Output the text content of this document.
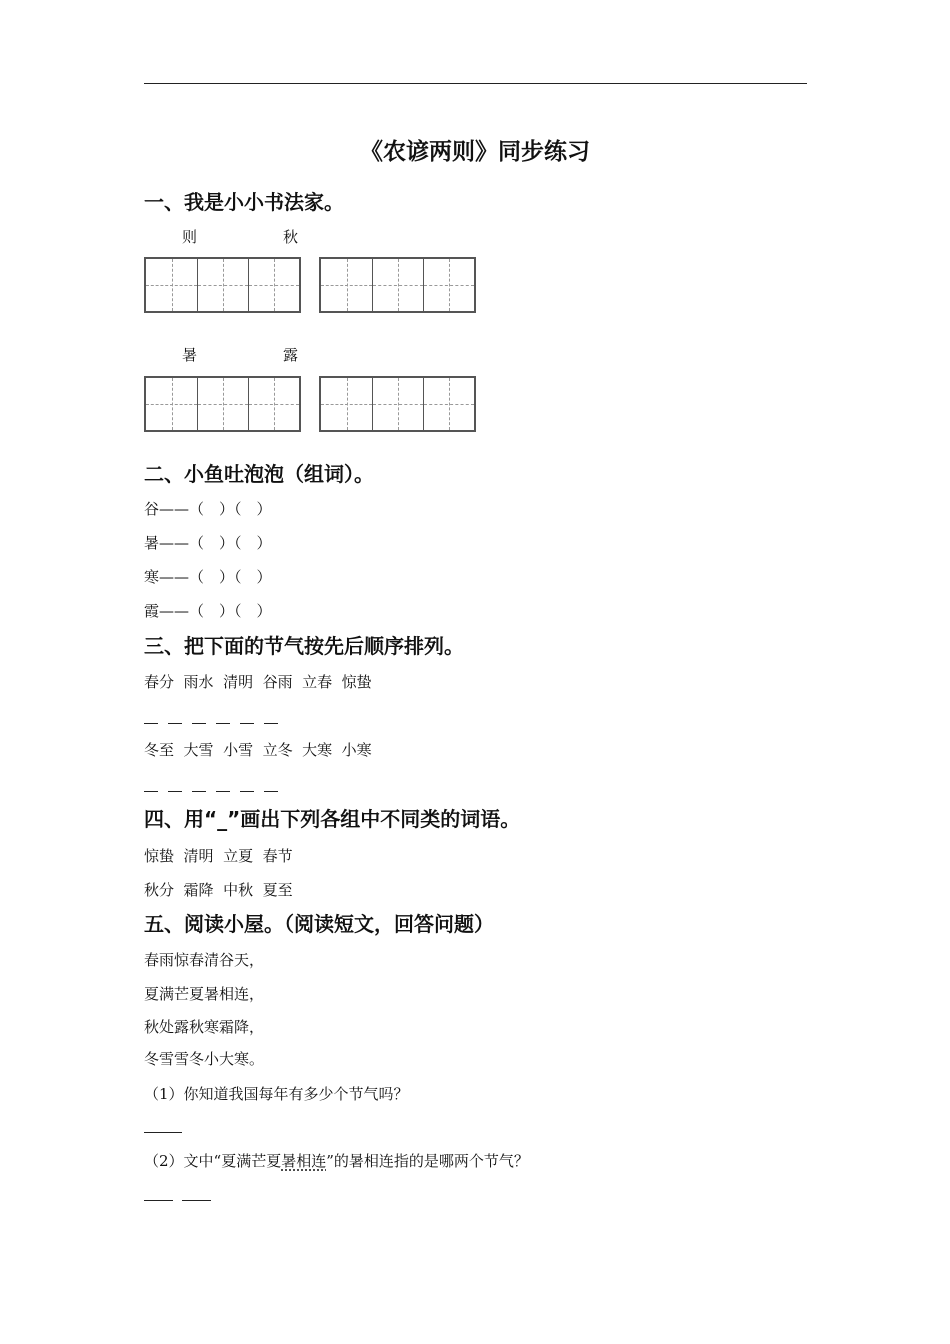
《农谚两则》同步练习
一、我是小小书法家。
则	秋
暑	露
二、小鱼吐泡泡（组词）。
谷——（　）（　）
暑——（　）（　）
寒——（　）（　）
霞——（　）（　）
三、把下面的节气按先后顺序排列。
春分  雨水  清明  谷雨  立春  惊蛰
冬至  大雪  小雪  立冬  大寒  小寒
四、用“_”画出下列各组中不同类的词语。
惊蛰  清明  立夏  春节
秋分  霜降  中秋  夏至
五、阅读小屋。（阅读短文，回答问题）
春雨惊春清谷天，
夏满芒夏暑相连，
秋处露秋寒霜降，
冬雪雪冬小大寒。
（1）你知道我国每年有多少个节气吗？
（2）文中“夏满芒夏暑相连”的暑相连指的是哪两个节气？
